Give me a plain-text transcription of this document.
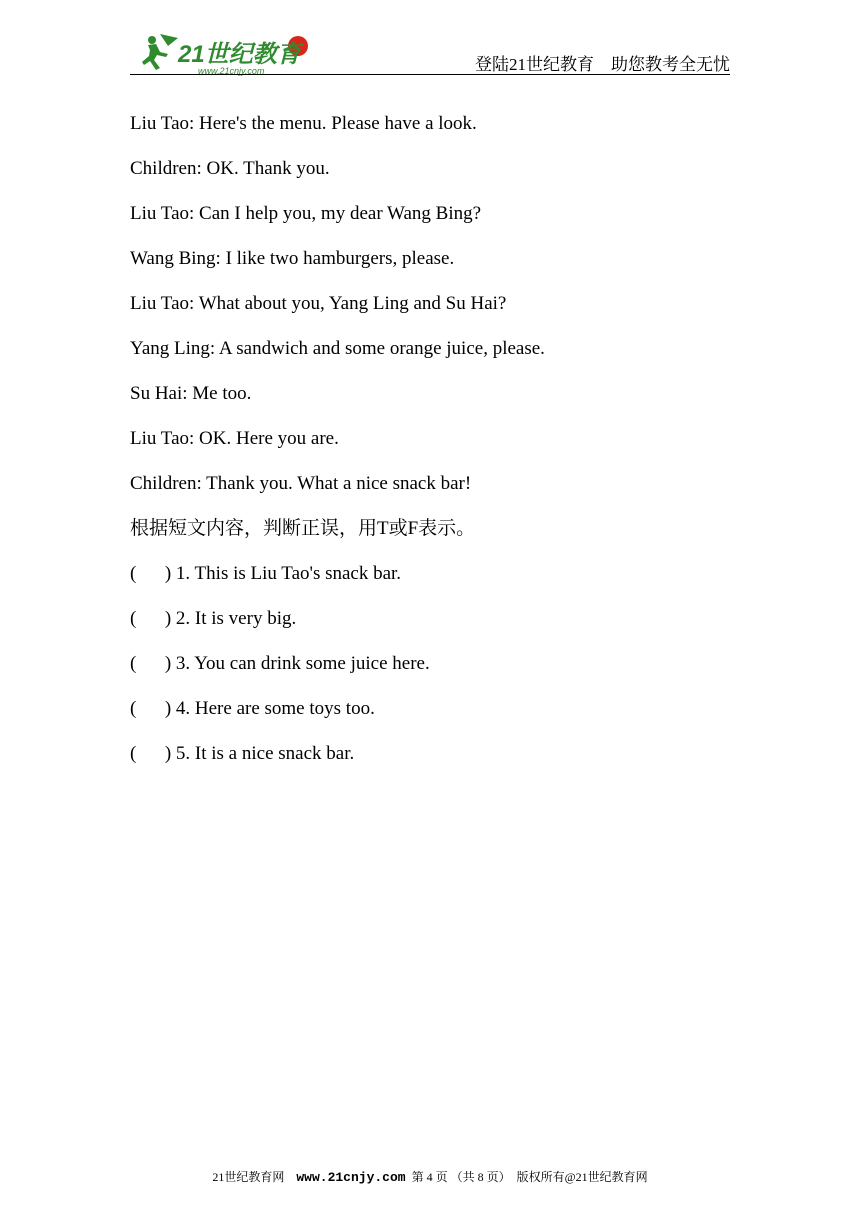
21世纪教育
www.21cnjy.com	登陆21世纪教育    助您教考全无忧
Liu Tao: Here's the menu. Please have a look.
Children: OK. Thank you.
Liu Tao: Can I help you, my dear Wang Bing?
Wang Bing: I like two hamburgers, please.
Liu Tao: What about you, Yang Ling and Su Hai?
Yang Ling: A sandwich and some orange juice, please.
Su Hai: Me too.
Liu Tao: OK. Here you are.
Children: Thank you. What a nice snack bar!
根据短文内容，判断正误，用T或F表示。
(      ) 1. This is Liu Tao's snack bar.
(      ) 2. It is very big.
(      ) 3. You can drink some juice here.
(      ) 4. Here are some toys too.
(      ) 5. It is a nice snack bar.
21世纪教育网 www.21cnjy.com 第 4 页 （共 8 页） 版权所有@21世纪教育网
